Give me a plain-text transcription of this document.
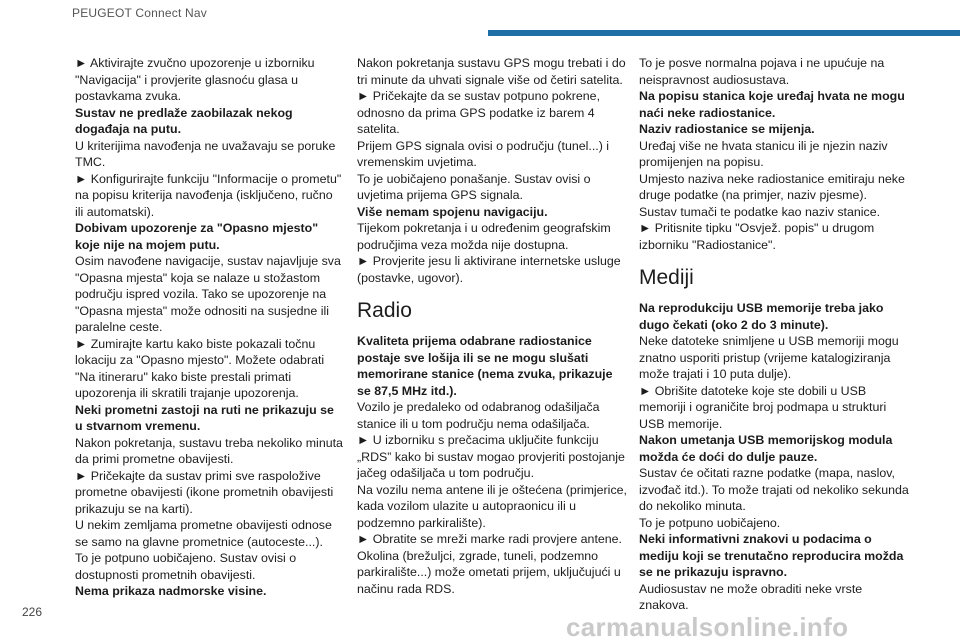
PEUGEOT Connect Nav

► Aktivirajte zvučno upozorenje u izborniku "Navigacija" i provjerite glasnoću glasa u postavkama zvuka.

Sustav ne predlaže zaobilazak nekog događaja na putu.

U kriterijima navođenja ne uvažavaju se poruke TMC.

► Konfigurirajte funkciju "Informacije o prometu" na popisu kriterija navođenja (isključeno, ručno ili automatski).

Dobivam upozorenje za "Opasno mjesto" koje nije na mojem putu.

Osim navođene navigacije, sustav najavljuje sva "Opasna mjesta" koja se nalaze u stožastom području ispred vozila. Tako se upozorenje na "Opasna mjesta" može odnositi na susjedne ili paralelne ceste.

► Zumirajte kartu kako biste pokazali točnu lokaciju za "Opasno mjesto". Možete odabrati "Na itineraru" kako biste prestali primati upozorenja ili skratili trajanje upozorenja.

Neki prometni zastoji na ruti ne prikazuju se u stvarnom vremenu.

Nakon pokretanja, sustavu treba nekoliko minuta da primi prometne obavijesti.

► Pričekajte da sustav primi sve raspoložive prometne obavijesti (ikone prometnih obavijesti prikazuju se na karti).

U nekim zemljama prometne obavijesti odnose se samo na glavne prometnice (autoceste...).

To je potpuno uobičajeno. Sustav ovisi o dostupnosti prometnih obavijesti.

Nema prikaza nadmorske visine.

Nakon pokretanja sustavu GPS mogu trebati i do tri minute da uhvati signale više od četiri satelita.

► Pričekajte da se sustav potpuno pokrene, odnosno da prima GPS podatke iz barem 4 satelita.

Prijem GPS signala ovisi o području (tunel...) i vremenskim uvjetima.

To je uobičajeno ponašanje. Sustav ovisi o uvjetima prijema GPS signala.

Više nemam spojenu navigaciju.

Tijekom pokretanja i u određenim geografskim područjima veza možda nije dostupna.

► Provjerite jesu li aktivirane internetske usluge (postavke, ugovor).

Radio

Kvaliteta prijema odabrane radiostanice postaje sve lošija ili se ne mogu slušati memorirane stanice (nema zvuka, prikazuje se 87,5 MHz itd.).

Vozilo je predaleko od odabranog odašiljača stanice ili u tom području nema odašiljača.

► U izborniku s prečacima uključite funkciju „RDS” kako bi sustav mogao provjeriti postojanje jačeg odašiljača u tom području.

Na vozilu nema antene ili je oštećena (primjerice, kada vozilom ulazite u autopraonicu ili u podzemno parkiralište).

► Obratite se mreži marke radi provjere antene.

Okolina (brežuljci, zgrade, tuneli, podzemno parkiralište...) može ometati prijem, uključujući u načinu rada RDS.

To je posve normalna pojava i ne upućuje na neispravnost audiosustava.

Na popisu stanica koje uređaj hvata ne mogu naći neke radiostanice.

Naziv radiostanice se mijenja.

Uređaj više ne hvata stanicu ili je njezin naziv promijenjen na popisu.

Umjesto naziva neke radiostanice emitiraju neke druge podatke (na primjer, naziv pjesme).

Sustav tumači te podatke kao naziv stanice.

► Pritisnite tipku "Osvjež. popis" u drugom izborniku "Radiostanice".

Mediji

Na reprodukciju USB memorije treba jako dugo čekati (oko 2 do 3 minute).

Neke datoteke snimljene u USB memoriji mogu znatno usporiti pristup (vrijeme katalogiziranja može trajati i 10 puta dulje).

► Obrišite datoteke koje ste dobili u USB memoriji i ograničite broj podmapa u strukturi USB memorije.

Nakon umetanja USB memorijskog modula možda će doći do dulje pauze.

Sustav će očitati razne podatke (mapa, naslov, izvođač itd.). To može trajati od nekoliko sekunda do nekoliko minuta.

To je potpuno uobičajeno.

Neki informativni znakovi u podacima o mediju koji se trenutačno reproducira možda se ne prikazuju ispravno.

Audiosustav ne može obraditi neke vrste znakova.

226	carmanualsonline.info
